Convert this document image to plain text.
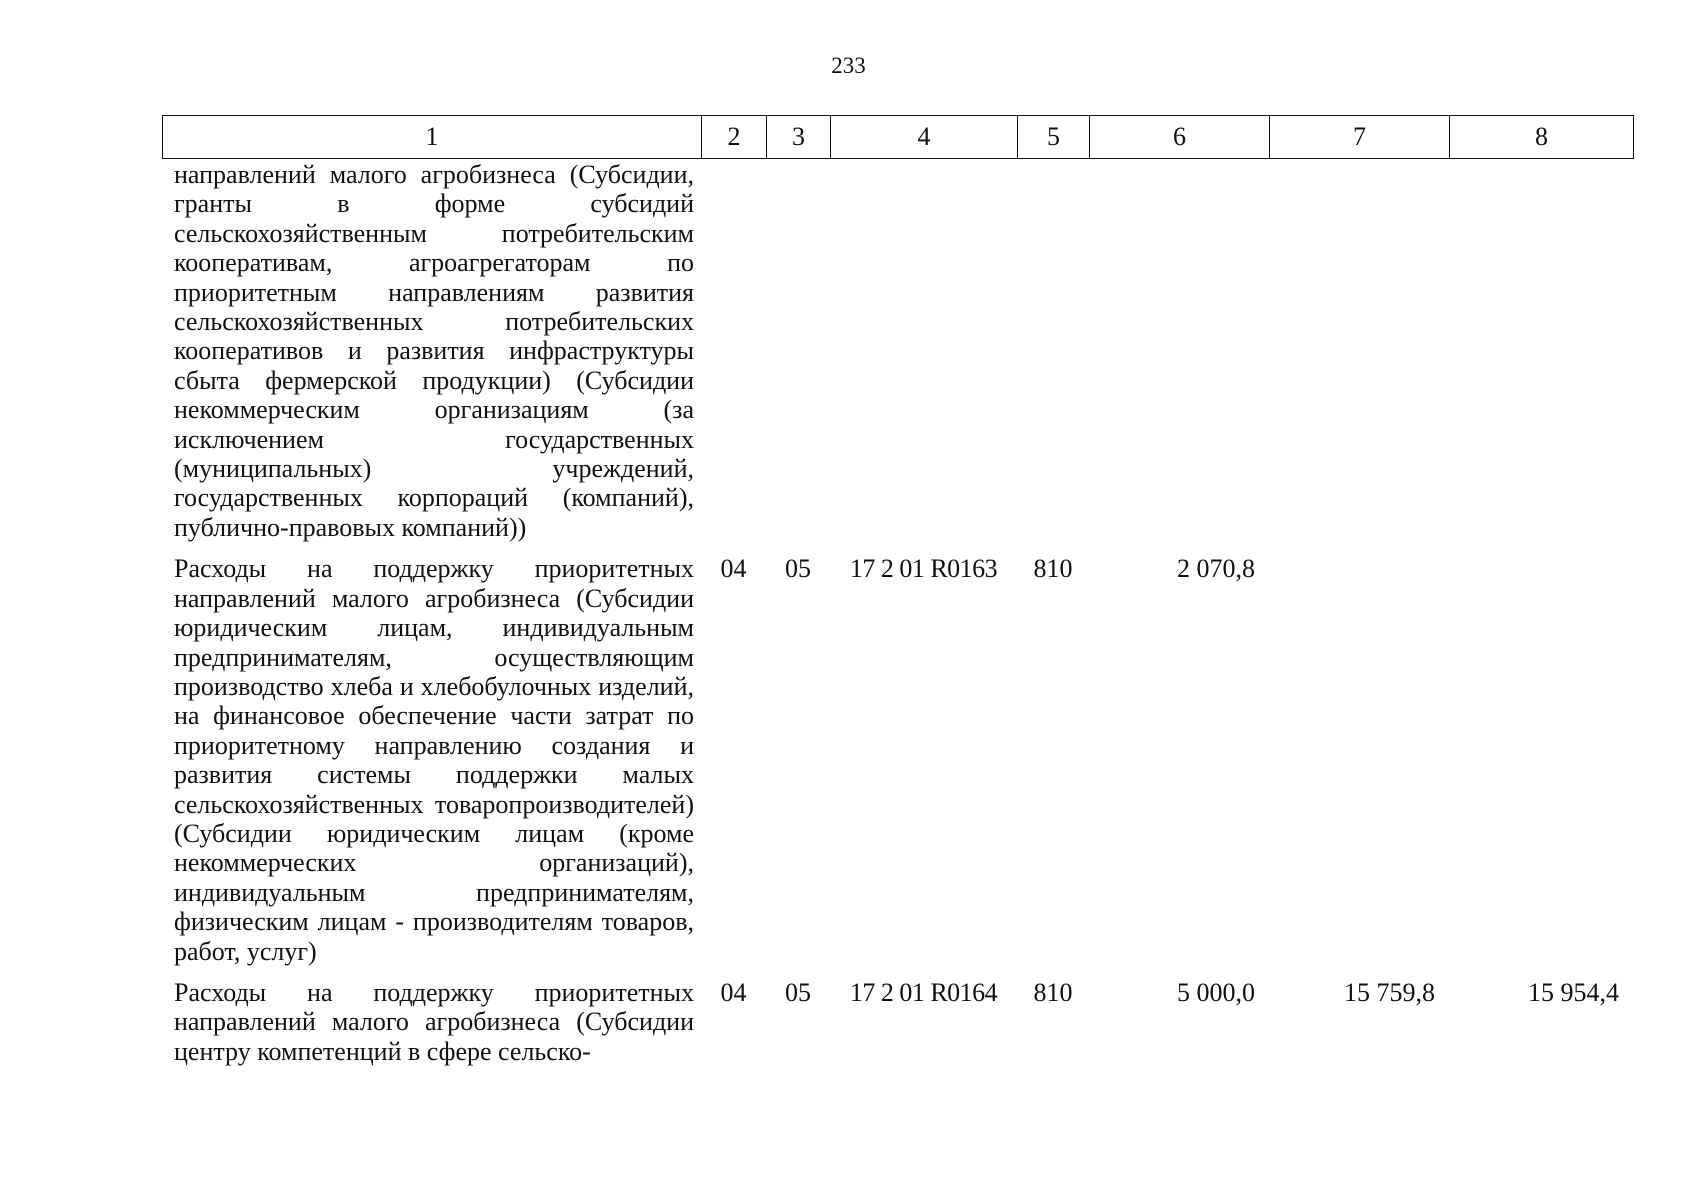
233
1	2	3	4	5	6	7	8
направлений малого агробизнеса (Субсидии, гранты в форме субсидий сельскохозяйственным потребительским кооперативам, агроагрегаторам по приоритетным направлениям развития сельскохозяйственных потребительских кооперативов и развития инфраструктуры сбыта фермерской продукции) (Субсидии некоммерческим организациям (за исключением государственных (муниципальных) учреждений, государственных корпораций (компаний), публично-правовых компаний))							

Расходы на поддержку приоритетных направлений малого агробизнеса (Субсидии юридическим лицам, индивидуальным предпринимателям, осуществляющим производство хлеба и хлебобулочных изделий, на финансовое обеспечение части затрат по приоритетному направлению создания и развития системы поддержки малых сельскохозяйственных товаропроизводителей) (Субсидии юридическим лицам (кроме некоммерческих организаций), индивидуальным предпринимателям, физическим лицам - производителям товаров, работ, услуг)	04	05	17 2 01 R0163	810	2 070,8		

Расходы на поддержку приоритетных направлений малого агробизнеса (Субсидии центру компетенций в сфере сельско-	04	05	17 2 01 R0164	810	5 000,0	15 759,8	15 954,4
